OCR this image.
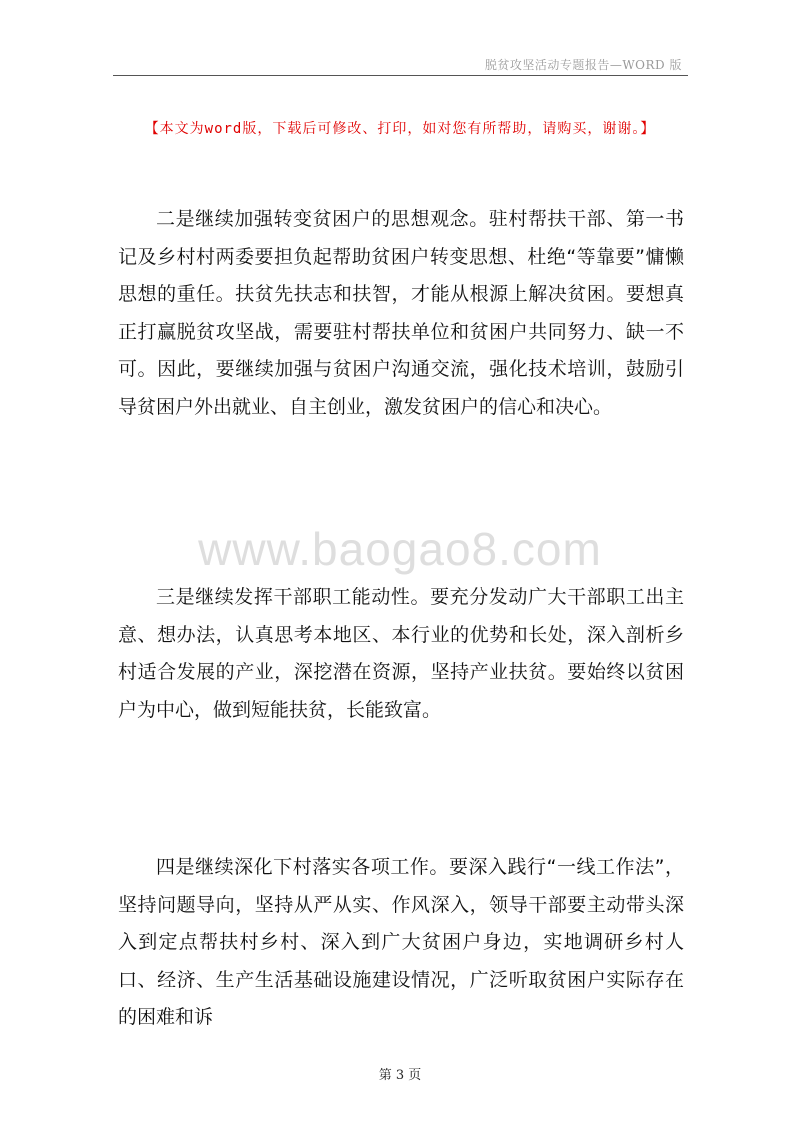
脱贫攻坚活动专题报告—WORD 版
【本文为word版，下载后可修改、打印，如对您有所帮助，请购买，谢谢。】

二是继续加强转变贫困户的思想观念。驻村帮扶干部、第一书记及乡村村两委要担负起帮助贫困户转变思想、杜绝“等靠要”慵懒思想的重任。扶贫先扶志和扶智，才能从根源上解决贫困。要想真正打赢脱贫攻坚战，需要驻村帮扶单位和贫困户共同努力、缺一不可。因此，要继续加强与贫困户沟通交流，强化技术培训，鼓励引导贫困户外出就业、自主创业，激发贫困户的信心和决心。

www.baogao8.com

三是继续发挥干部职工能动性。要充分发动广大干部职工出主意、想办法，认真思考本地区、本行业的优势和长处，深入剖析乡村适合发展的产业，深挖潜在资源，坚持产业扶贫。要始终以贫困户为中心，做到短能扶贫，长能致富。

四是继续深化下村落实各项工作。要深入践行“一线工作法”，坚持问题导向，坚持从严从实、作风深入，领导干部要主动带头深入到定点帮扶村乡村、深入到广大贫困户身边，实地调研乡村人口、经济、生产生活基础设施建设情况，广泛听取贫困户实际存在的困难和诉

第 3 页
